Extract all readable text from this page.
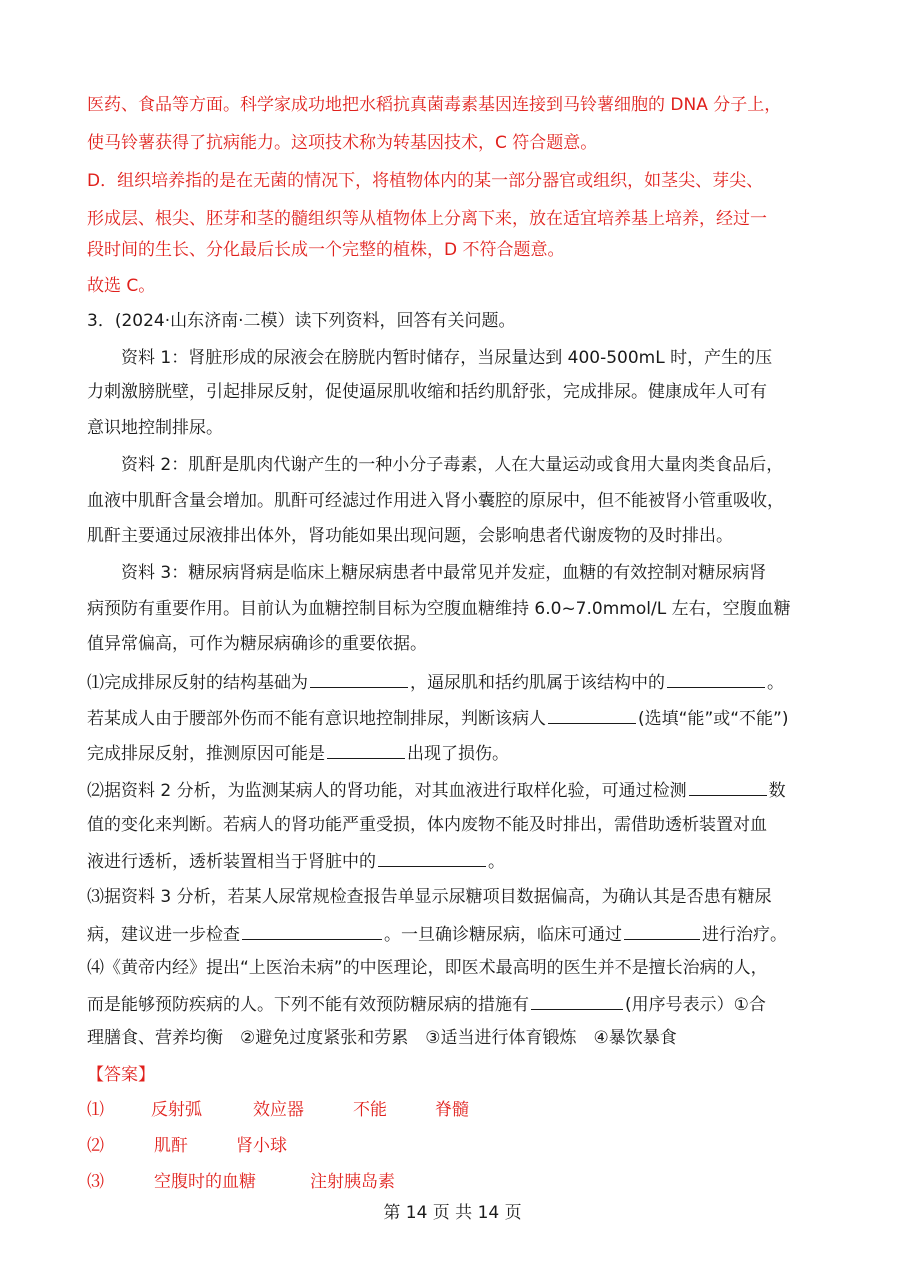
医药、食品等方面。科学家成功地把水稻抗真菌毒素基因连接到马铃薯细胞的 DNA 分子上，
使马铃薯获得了抗病能力。这项技术称为转基因技术，C 符合题意。
D．组织培养指的是在无菌的情况下，将植物体内的某一部分器官或组织，如茎尖、芽尖、
形成层、根尖、胚芽和茎的髓组织等从植物体上分离下来，放在适宜培养基上培养，经过一
段时间的生长、分化最后长成一个完整的植株，D 不符合题意。
故选 C。
3．(2024·山东济南·二模）读下列资料，回答有关问题。
资料 1：肾脏形成的尿液会在膀胱内暂时储存，当尿量达到 400-500mL 时，产生的压
力刺激膀胱壁，引起排尿反射，促使逼尿肌收缩和括约肌舒张，完成排尿。健康成年人可有
意识地控制排尿。
资料 2：肌酐是肌肉代谢产生的一种小分子毒素，人在大量运动或食用大量肉类食品后，
血液中肌酐含量会增加。肌酐可经滤过作用进入肾小囊腔的原尿中，但不能被肾小管重吸收，
肌酐主要通过尿液排出体外，肾功能如果出现问题，会影响患者代谢废物的及时排出。
资料 3：糖尿病肾病是临床上糖尿病患者中最常见并发症，血糖的有效控制对糖尿病肾
病预防有重要作用。目前认为血糖控制目标为空腹血糖维持 6.0~7.0mmol/L 左右，空腹血糖
值异常偏高，可作为糖尿病确诊的重要依据。
⑴完成排尿反射的结构基础为	，逼尿肌和括约肌属于该结构中的	。
若某成人由于腰部外伤而不能有意识地控制排尿，判断该病人	(选填“能”或“不能”)
完成排尿反射，推测原因可能是	出现了损伤。
⑵据资料 2 分析，为监测某病人的肾功能，对其血液进行取样化验，可通过检测	数
值的变化来判断。若病人的肾功能严重受损，体内废物不能及时排出，需借助透析装置对血
液进行透析，透析装置相当于肾脏中的	。
⑶据资料 3 分析，若某人尿常规检查报告单显示尿糖项目数据偏高，为确认其是否患有糖尿
病，建议进一步检查	。一旦确诊糖尿病，临床可通过	进行治疗。
⑷《黄帝内经》提出“上医治未病”的中医理论，即医术最高明的医生并不是擅长治病的人，
而是能够预防疾病的人。下列不能有效预防糖尿病的措施有	(用序号表示）①合
理膳食、营养均衡　②避免过度紧张和劳累　③适当进行体育锻炼　④暴饮暴食
【答案】
⑴	反射弧	效应器	不能	脊髓
⑵	肌酐	肾小球
⑶	空腹时的血糖	注射胰岛素
第 14 页 共 14 页
